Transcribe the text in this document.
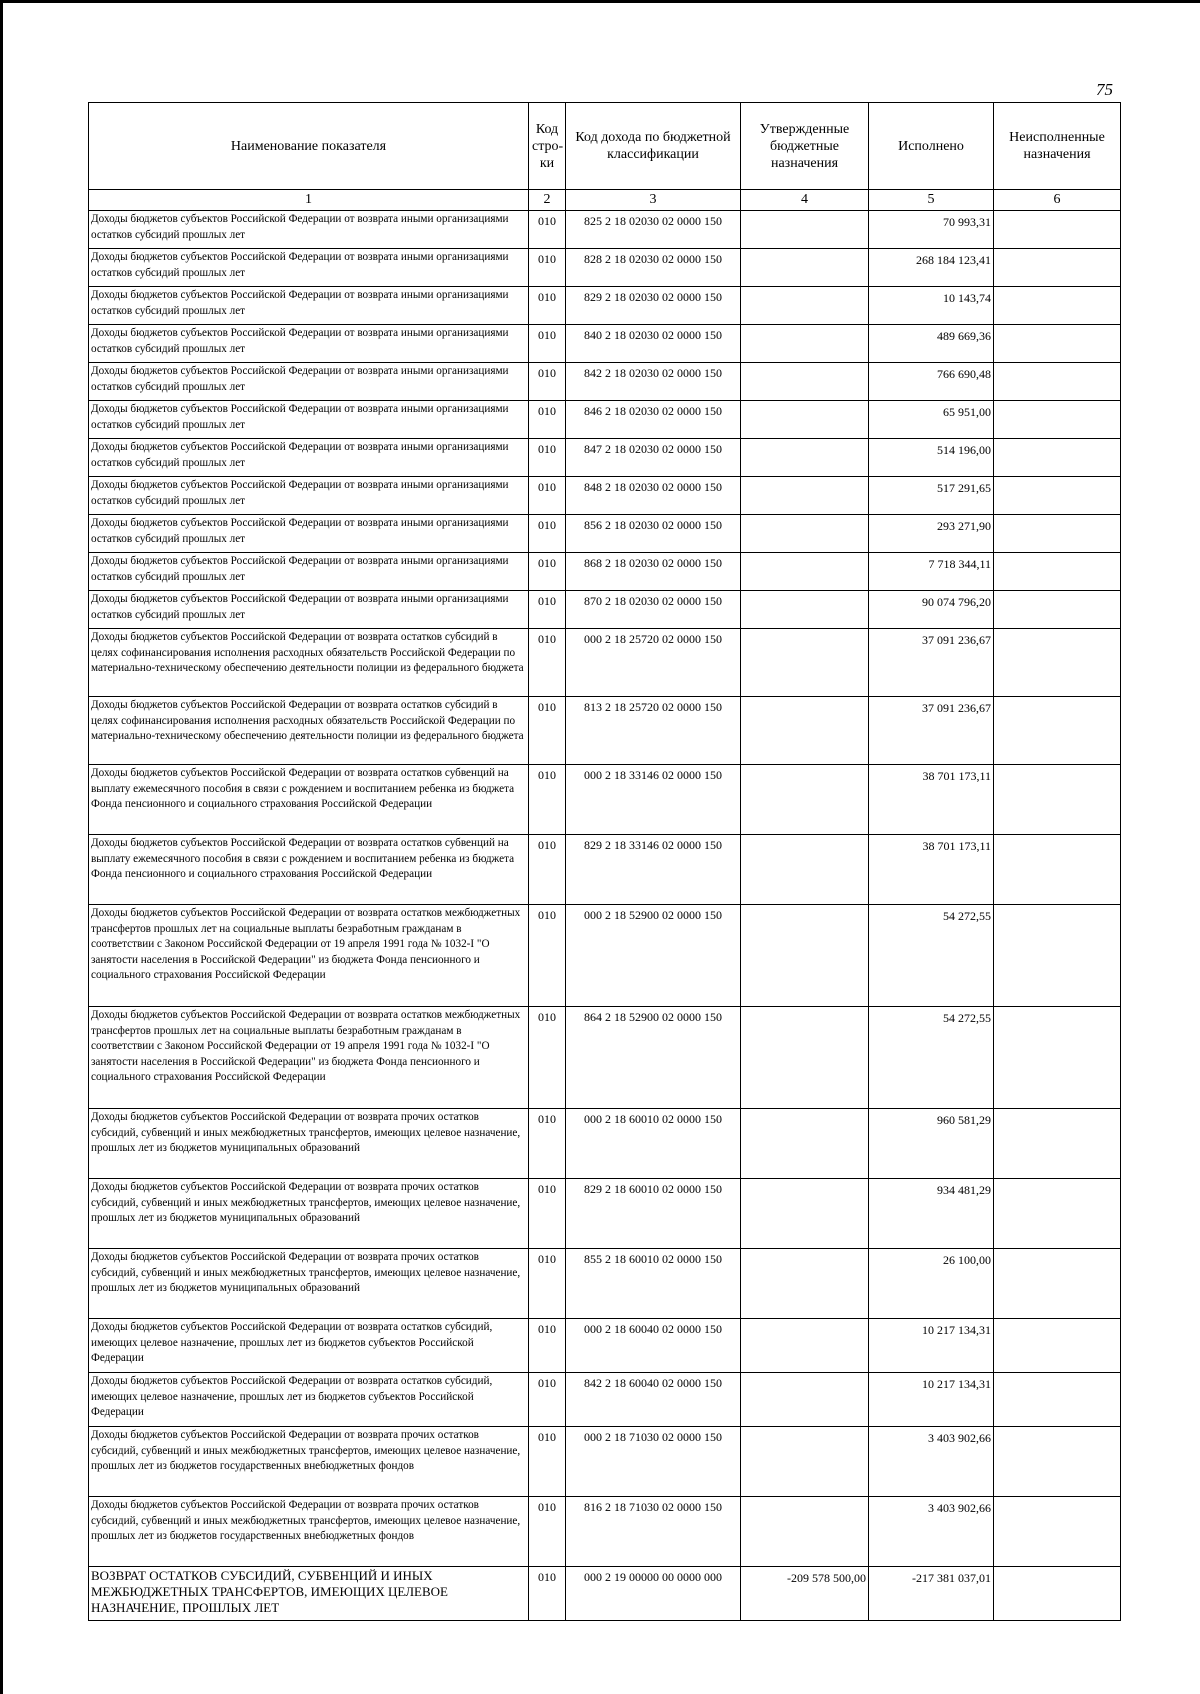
75
Наименование показателя	Код стро-ки	Код дохода по бюджетной классификации	Утвержденные бюджетные назначения	Исполнено	Неисполненные назначения
1	2	3	4	5	6
Доходы бюджетов субъектов Российской Федерации от возврата иными организациями остатков субсидий прошлых лет	010	825 2 18 02030 02 0000 150		70 993,31	
Доходы бюджетов субъектов Российской Федерации от возврата иными организациями остатков субсидий прошлых лет	010	828 2 18 02030 02 0000 150		268 184 123,41	
Доходы бюджетов субъектов Российской Федерации от возврата иными организациями остатков субсидий прошлых лет	010	829 2 18 02030 02 0000 150		10 143,74	
Доходы бюджетов субъектов Российской Федерации от возврата иными организациями остатков субсидий прошлых лет	010	840 2 18 02030 02 0000 150		489 669,36	
Доходы бюджетов субъектов Российской Федерации от возврата иными организациями остатков субсидий прошлых лет	010	842 2 18 02030 02 0000 150		766 690,48	
Доходы бюджетов субъектов Российской Федерации от возврата иными организациями остатков субсидий прошлых лет	010	846 2 18 02030 02 0000 150		65 951,00	
Доходы бюджетов субъектов Российской Федерации от возврата иными организациями остатков субсидий прошлых лет	010	847 2 18 02030 02 0000 150		514 196,00	
Доходы бюджетов субъектов Российской Федерации от возврата иными организациями остатков субсидий прошлых лет	010	848 2 18 02030 02 0000 150		517 291,65	
Доходы бюджетов субъектов Российской Федерации от возврата иными организациями остатков субсидий прошлых лет	010	856 2 18 02030 02 0000 150		293 271,90	
Доходы бюджетов субъектов Российской Федерации от возврата иными организациями остатков субсидий прошлых лет	010	868 2 18 02030 02 0000 150		7 718 344,11	
Доходы бюджетов субъектов Российской Федерации от возврата иными организациями остатков субсидий прошлых лет	010	870 2 18 02030 02 0000 150		90 074 796,20	
Доходы бюджетов субъектов Российской Федерации от возврата остатков субсидий в целях софинансирования исполнения расходных обязательств Российской Федерации по материально-техническому обеспечению деятельности полиции из федерального бюджета	010	000 2 18 25720 02 0000 150		37 091 236,67	
Доходы бюджетов субъектов Российской Федерации от возврата остатков субсидий в целях софинансирования исполнения расходных обязательств Российской Федерации по материально-техническому обеспечению деятельности полиции из федерального бюджета	010	813 2 18 25720 02 0000 150		37 091 236,67	
Доходы бюджетов субъектов Российской Федерации от возврата остатков субвенций на выплату ежемесячного пособия в связи с рождением и воспитанием ребенка из бюджета Фонда пенсионного и социального страхования Российской Федерации	010	000 2 18 33146 02 0000 150		38 701 173,11	
Доходы бюджетов субъектов Российской Федерации от возврата остатков субвенций на выплату ежемесячного пособия в связи с рождением и воспитанием ребенка из бюджета Фонда пенсионного и социального страхования Российской Федерации	010	829 2 18 33146 02 0000 150		38 701 173,11	
Доходы бюджетов субъектов Российской Федерации от возврата остатков межбюджетных трансфертов прошлых лет на социальные выплаты безработным гражданам в соответствии с Законом Российской Федерации от 19 апреля 1991 года № 1032-I "О занятости населения в Российской Федерации" из бюджета Фонда пенсионного и социального страхования Российской Федерации	010	000 2 18 52900 02 0000 150		54 272,55	
Доходы бюджетов субъектов Российской Федерации от возврата остатков межбюджетных трансфертов прошлых лет на социальные выплаты безработным гражданам в соответствии с Законом Российской Федерации от 19 апреля 1991 года № 1032-I "О занятости населения в Российской Федерации" из бюджета Фонда пенсионного и социального страхования Российской Федерации	010	864 2 18 52900 02 0000 150		54 272,55	
Доходы бюджетов субъектов Российской Федерации от возврата прочих остатков субсидий, субвенций и иных межбюджетных трансфертов, имеющих целевое назначение, прошлых лет из бюджетов муниципальных образований	010	000 2 18 60010 02 0000 150		960 581,29	
Доходы бюджетов субъектов Российской Федерации от возврата прочих остатков субсидий, субвенций и иных межбюджетных трансфертов, имеющих целевое назначение, прошлых лет из бюджетов муниципальных образований	010	829 2 18 60010 02 0000 150		934 481,29	
Доходы бюджетов субъектов Российской Федерации от возврата прочих остатков субсидий, субвенций и иных межбюджетных трансфертов, имеющих целевое назначение, прошлых лет из бюджетов муниципальных образований	010	855 2 18 60010 02 0000 150		26 100,00	
Доходы бюджетов субъектов Российской Федерации от возврата остатков субсидий, имеющих целевое назначение, прошлых лет из бюджетов субъектов Российской Федерации	010	000 2 18 60040 02 0000 150		10 217 134,31	
Доходы бюджетов субъектов Российской Федерации от возврата остатков субсидий, имеющих целевое назначение, прошлых лет из бюджетов субъектов Российской Федерации	010	842 2 18 60040 02 0000 150		10 217 134,31	
Доходы бюджетов субъектов Российской Федерации от возврата прочих остатков субсидий, субвенций и иных межбюджетных трансфертов, имеющих целевое назначение, прошлых лет из бюджетов государственных внебюджетных фондов	010	000 2 18 71030 02 0000 150		3 403 902,66	
Доходы бюджетов субъектов Российской Федерации от возврата прочих остатков субсидий, субвенций и иных межбюджетных трансфертов, имеющих целевое назначение, прошлых лет из бюджетов государственных внебюджетных фондов	010	816 2 18 71030 02 0000 150		3 403 902,66	
ВОЗВРАТ ОСТАТКОВ СУБСИДИЙ, СУБВЕНЦИЙ И ИНЫХ МЕЖБЮДЖЕТНЫХ ТРАНСФЕРТОВ, ИМЕЮЩИХ ЦЕЛЕВОЕ НАЗНАЧЕНИЕ, ПРОШЛЫХ ЛЕТ	010	000 2 19 00000 00 0000 000	-209 578 500,00	-217 381 037,01	
